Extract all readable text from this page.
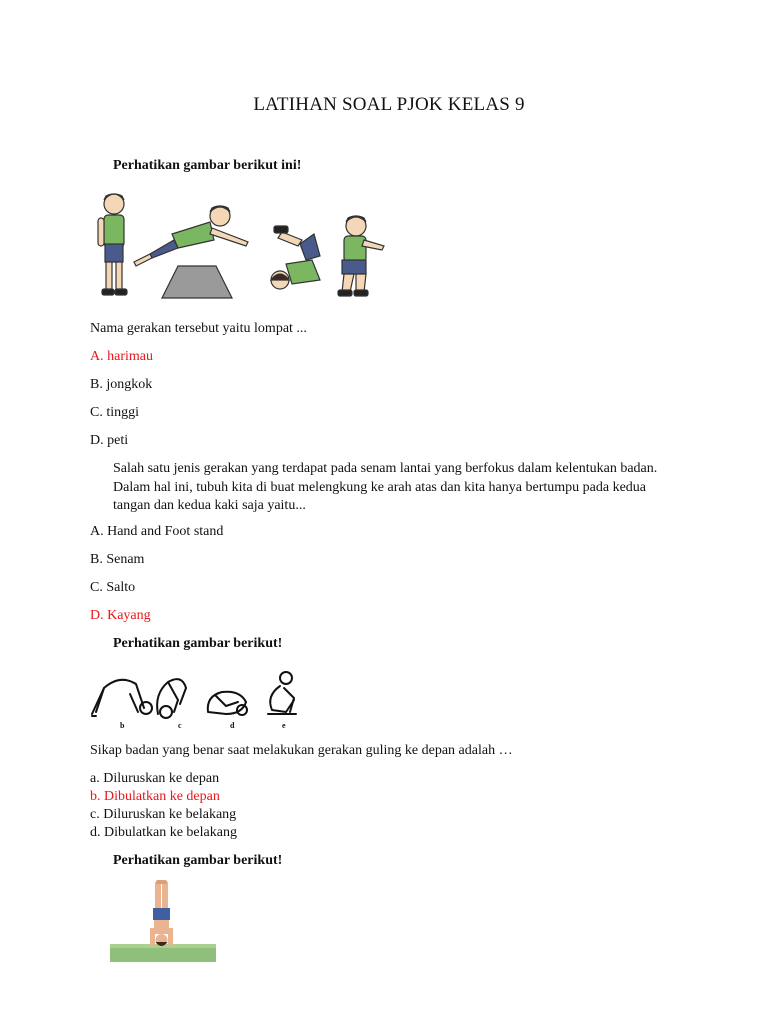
LATIHAN SOAL PJOK KELAS 9
Perhatikan gambar berikut ini!
Nama gerakan tersebut yaitu lompat ...
A. harimau
B. jongkok
C. tinggi
D. peti
Salah satu jenis gerakan yang terdapat pada senam lantai yang berfokus dalam kelentukan badan.
Dalam hal ini, tubuh kita di buat melengkung ke arah atas dan kita hanya bertumpu pada kedua
tangan dan kedua kaki saja yaitu...
A. Hand and Foot stand
B. Senam
C. Salto
D. Kayang
Perhatikan gambar berikut!
b	c	d	e
Sikap badan yang benar saat melakukan gerakan guling ke depan adalah …
a. Diluruskan ke depan
b. Dibulatkan ke depan
c. Diluruskan ke belakang
d. Dibulatkan ke belakang
Perhatikan gambar berikut!
